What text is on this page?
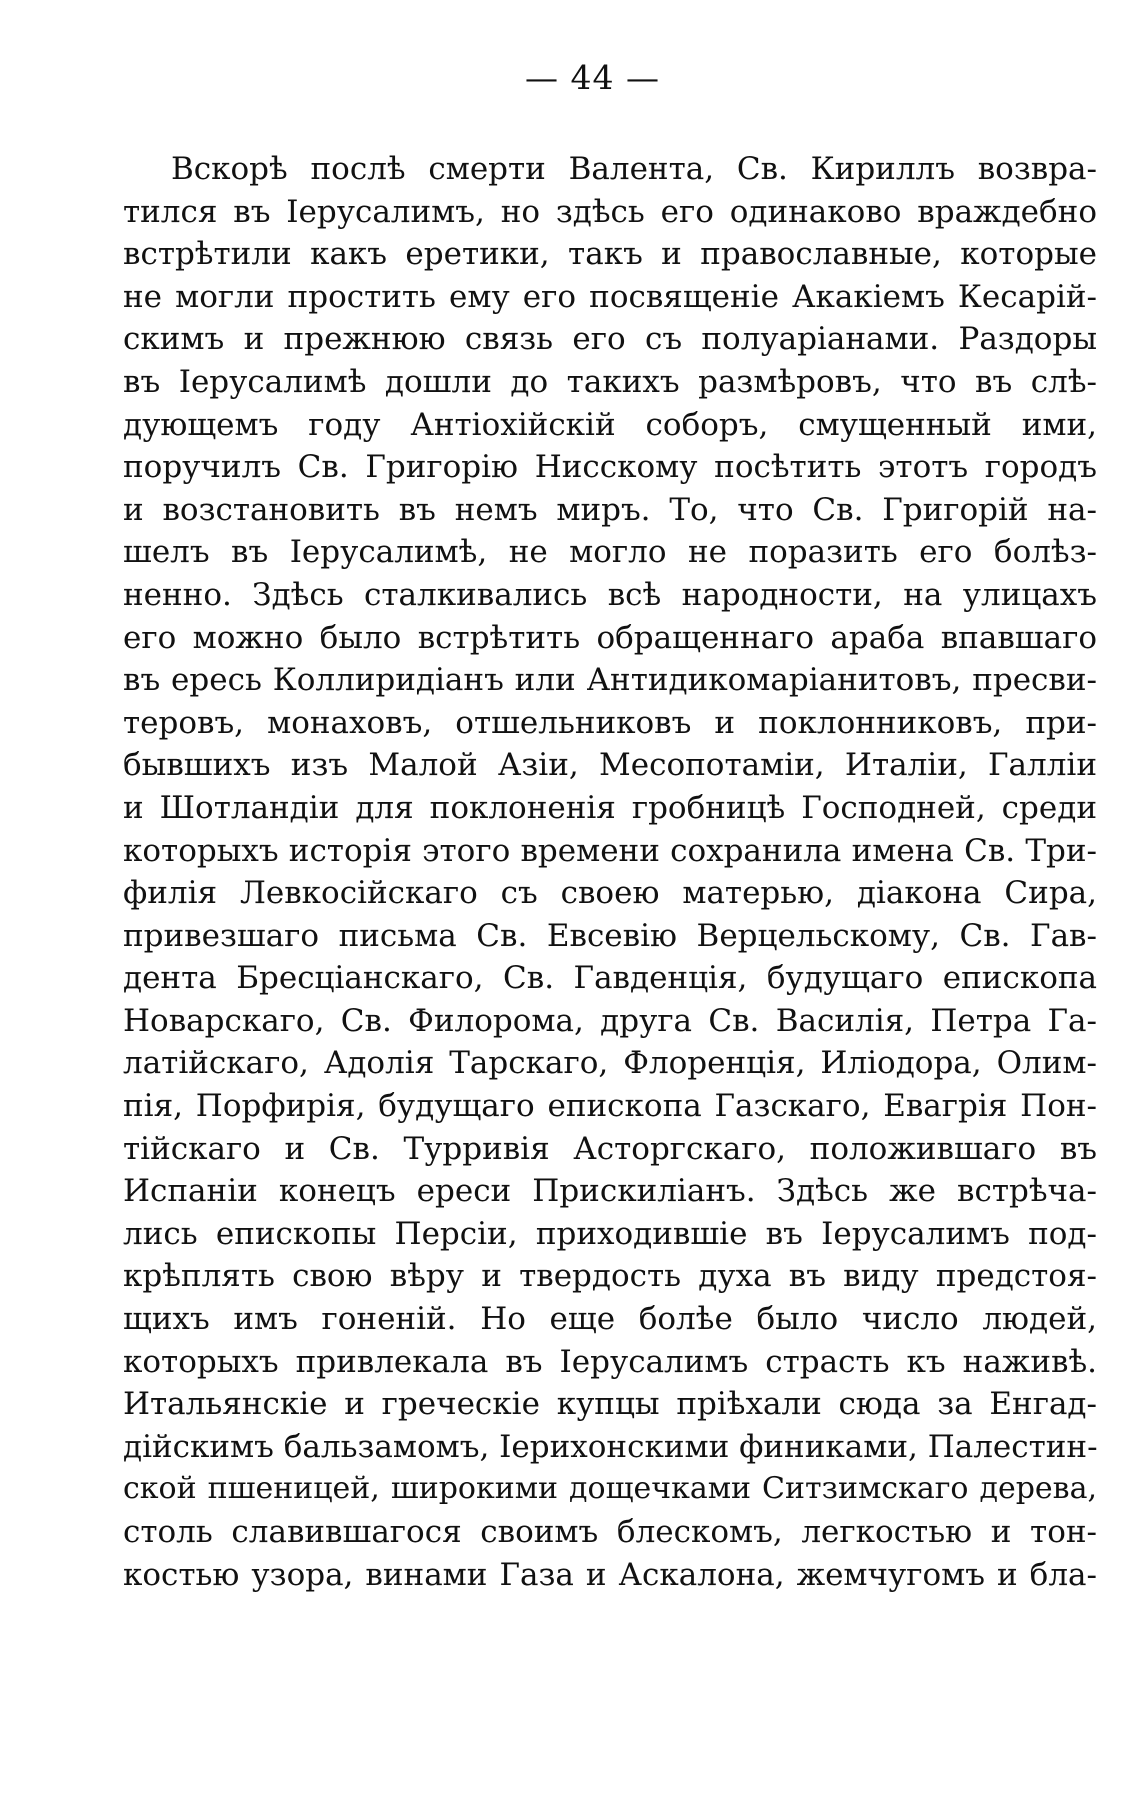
— 44 —
Вскорѣ послѣ смерти Валента, Св. Кириллъ возвра-
тился въ Іерусалимъ, но здѣсь его одинаково враждебно
встрѣтили какъ еретики, такъ и православные, которые
не могли простить ему его посвященіе Акакіемъ Кесарій-
скимъ и прежнюю связь его съ полуаріанами. Раздоры
въ Іерусалимѣ дошли до такихъ размѣровъ, что въ слѣ-
дующемъ году Антіохійскій соборъ, смущенный ими,
поручилъ Св. Григорію Нисскому посѣтить этотъ городъ
и возстановить въ немъ миръ. То, что Св. Григорій на-
шелъ въ Іерусалимѣ, не могло не поразить его болѣз-
ненно. Здѣсь сталкивались всѣ народности, на улицахъ
его можно было встрѣтить обращеннаго араба впавшаго
въ ересь Коллиридіанъ или Антидикомаріанитовъ, пресви-
теровъ, монаховъ, отшельниковъ и поклонниковъ, при-
бывшихъ изъ Малой Азіи, Месопотаміи, Италіи, Галліи
и Шотландіи для поклоненія гробницѣ Господней, среди
которыхъ исторія этого времени сохранила имена Св. Три-
филія Левкосійскаго съ своею матерью, діакона Сира,
привезшаго письма Св. Евсевію Верцельскому, Св. Гав-
дента Бресціанскаго, Св. Гавденція, будущаго епископа
Новарскаго, Св. Филорома, друга Св. Василія, Петра Га-
латійскаго, Адолія Тарскаго, Флоренція, Иліодора, Олим-
пія, Порфирія, будущаго епископа Газскаго, Евагрія Пон-
тійскаго и Св. Турривія Асторгскаго, положившаго въ
Испаніи конецъ ереси Прискиліанъ. Здѣсь же встрѣча-
лись епископы Персіи, приходившіе въ Іерусалимъ под-
крѣплять свою вѣру и твердость духа въ виду предстоя-
щихъ имъ гоненій. Но еще болѣе было число людей,
которыхъ привлекала въ Іерусалимъ страсть къ наживѣ.
Итальянскіе и греческіе купцы пріѣхали сюда за Енгад-
дійскимъ бальзамомъ, Іерихонскими финиками, Палестин-
ской пшеницей, широкими дощечками Ситзимскаго дерева,
столь славившагося своимъ блескомъ, легкостью и тон-
костью узора, винами Газа и Аскалона, жемчугомъ и бла-
